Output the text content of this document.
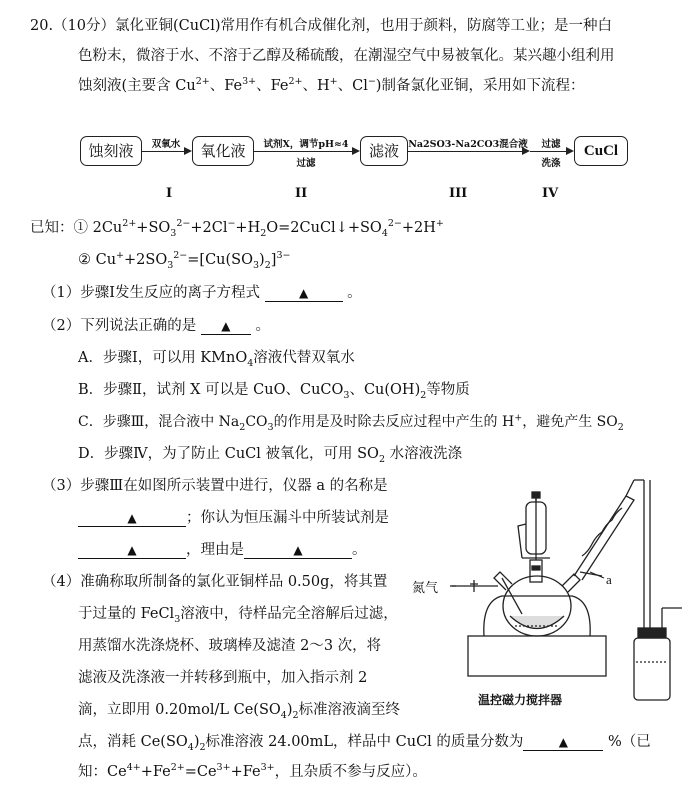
20.（10分）氯化亚铜(CuCl)常用作有机合成催化剂，也用于颜料，防腐等工业；是一种白
色粉末，微溶于水、不溶于乙醇及稀硫酸，在潮湿空气中易被氧化。某兴趣小组利用
蚀刻液(主要含 $Cu^{2+}$、$Fe^{3+}$、$Fe^{2+}$、H+、Cl−)制备氯化亚铜，采用如下流程：
蚀刻液	氧化液	滤液	CuCl
双氧水	试剂X，调节pH≈4
过滤
Na2SO3-Na2CO3混合液	过滤
洗涤
I	II	III	IV
已知：① $2Cu^{2+}+SO_3^{2-}+2Cl^-+H_2O=2CuCl↓+SO_4^{2-}+2H^+$
② $Cu^++2SO_3^{2-}=[Cu(SO_3)_2]^{3-}$
（1）步骤Ⅰ发生反应的离子方程式	▲	。
（2）下列说法正确的是 ▲ 。
A．步骤Ⅰ，可以用 KMnO$_4$溶液代替双氧水
B．步骤Ⅱ，试剂 X 可以是 CuO、CuCO$_3$、$Cu(OH)_2$等物质
C．步骤Ⅲ，混合液中 $Na_2CO_3$的作用是及时除去反应过程中产生的 H+，避免产生 $SO_2$
D．步骤Ⅳ，为了防止 CuCl 被氧化，可用 $SO_2$ 水溶液洗涤
（3）步骤Ⅲ在如图所示装置中进行，仪器 a 的名称是
▲	；你认为恒压漏斗中所装试剂是
▲	，理由是	▲	。
（4）准确称取所制备的氯化亚铜样品 0.50g，将其置
于过量的 FeCl$_3$溶液中，待样品完全溶解后过滤，
用蒸馏水洗涤烧杯、玻璃棒及滤渣 2～3 次，将
滤液及洗涤液一并转移到瓶中，加入指示剂 2
滴，立即用 0.20mol/L $Ce(SO_4)_2$标准溶液滴至终
点，消耗 $Ce(SO_4)_2$标准溶液 24.00mL，样品中 CuCl 的质量分数为	▲ %（已
知：$Ce^{4+}+Fe^{2+}=Ce^{3+}+Fe^{3+}$，且杂质不参与反应）。
氮气
a
温控磁力搅拌器
